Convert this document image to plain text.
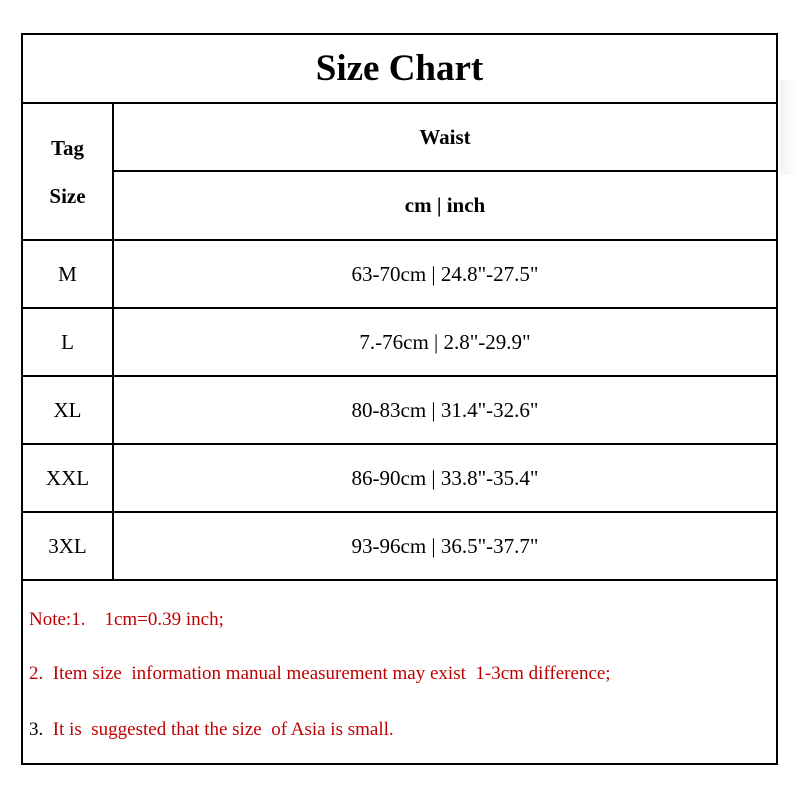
Size Chart
Tag
Size
Waist
cm | inch
M	63-70cm | 24.8"-27.5"
L	7.-76cm | 2.8"-29.9"
XL	80-83cm | 31.4"-32.6"
XXL	86-90cm | 33.8"-35.4"
3XL	93-96cm | 36.5"-37.7"
Note:1.    1cm=0.39 inch;
2.  Item size  information manual measurement may exist  1-3cm difference;
3.  It is  suggested that the size  of Asia is small.
